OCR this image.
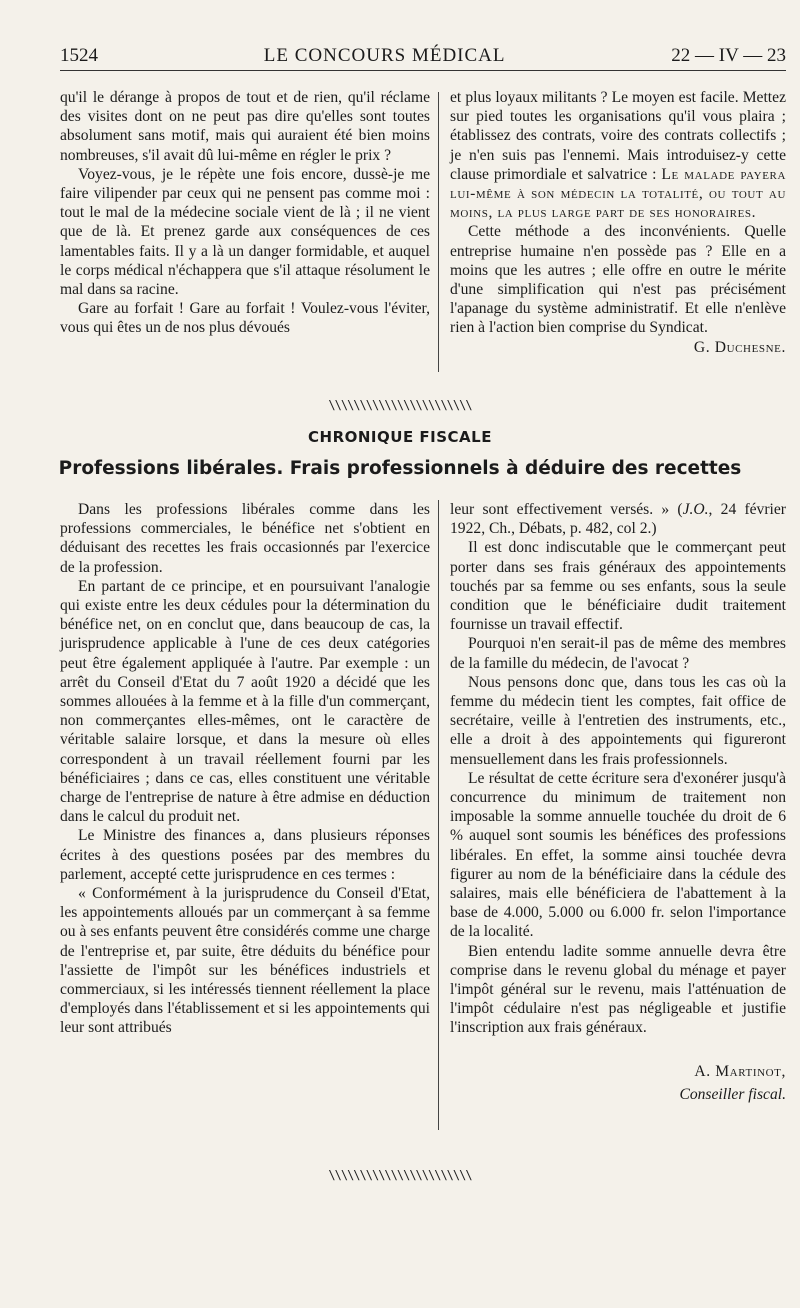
1524	LE CONCOURS MÉDICAL	22 — IV — 23

qu'il le dérange à propos de tout et de rien, qu'il réclame des visites dont on ne peut pas dire qu'elles sont toutes absolument sans motif, mais qui auraient été bien moins nombreuses, s'il avait dû lui-même en régler le prix ?

Voyez-vous, je le répète une fois encore, dussè-je me faire vilipender par ceux qui ne pensent pas comme moi : tout le mal de la médecine sociale vient de là ; il ne vient que de là. Et prenez garde aux conséquences de ces lamentables faits. Il y a là un danger formidable, et auquel le corps médical n'échappera que s'il attaque résolument le mal dans sa racine.

Gare au forfait ! Gare au forfait ! Voulez-vous l'éviter, vous qui êtes un de nos plus dévoués

et plus loyaux militants ? Le moyen est facile. Mettez sur pied toutes les organisations qu'il vous plaira ; établissez des contrats, voire des contrats collectifs ; je n'en suis pas l'ennemi. Mais introduisez-y cette clause primordiale et salvatrice : Le malade payera lui-même à son médecin la totalité, ou tout au moins, la plus large part de ses honoraires.

Cette méthode a des inconvénients. Quelle entreprise humaine n'en possède pas ? Elle en a moins que les autres ; elle offre en outre le mérite d'une simplification qui n'est pas précisément l'apanage du système administratif. Et elle n'enlève rien à l'action bien comprise du Syndicat.

G. Duchesne.

\\\\\\\\\\\\\\\\\\\\\\\
CHRONIQUE FISCALE
Professions libérales. Frais professionnels à déduire des recettes

Dans les professions libérales comme dans les professions commerciales, le bénéfice net s'obtient en déduisant des recettes les frais occasionnés par l'exercice de la profession.

En partant de ce principe, et en poursuivant l'analogie qui existe entre les deux cédules pour la détermination du bénéfice net, on en conclut que, dans beaucoup de cas, la jurisprudence applicable à l'une de ces deux catégories peut être également appliquée à l'autre. Par exemple : un arrêt du Conseil d'Etat du 7 août 1920 a décidé que les sommes allouées à la femme et à la fille d'un commerçant, non commerçantes elles-mêmes, ont le caractère de véritable salaire lorsque, et dans la mesure où elles correspondent à un travail réellement fourni par les bénéficiaires ; dans ce cas, elles constituent une véritable charge de l'entreprise de nature à être admise en déduction dans le calcul du produit net.

Le Ministre des finances a, dans plusieurs réponses écrites à des questions posées par des membres du parlement, accepté cette jurisprudence en ces termes :

« Conformément à la jurisprudence du Conseil d'Etat, les appointements alloués par un commerçant à sa femme ou à ses enfants peuvent être considérés comme une charge de l'entreprise et, par suite, être déduits du bénéfice pour l'assiette de l'impôt sur les bénéfices industriels et commerciaux, si les intéressés tiennent réellement la place d'employés dans l'établissement et si les appointements qui leur sont attribués

leur sont effectivement versés. » (J.O., 24 février 1922, Ch., Débats, p. 482, col 2.)

Il est donc indiscutable que le commerçant peut porter dans ses frais généraux des appointements touchés par sa femme ou ses enfants, sous la seule condition que le bénéficiaire dudit traitement fournisse un travail effectif.

Pourquoi n'en serait-il pas de même des membres de la famille du médecin, de l'avocat ?

Nous pensons donc que, dans tous les cas où la femme du médecin tient les comptes, fait office de secrétaire, veille à l'entretien des instruments, etc., elle a droit à des appointements qui figureront mensuellement dans les frais professionnels.

Le résultat de cette écriture sera d'exonérer jusqu'à concurrence du minimum de traitement non imposable la somme annuelle touchée du droit de 6 % auquel sont soumis les bénéfices des professions libérales. En effet, la somme ainsi touchée devra figurer au nom de la bénéficiaire dans la cédule des salaires, mais elle bénéficiera de l'abattement à la base de 4.000, 5.000 ou 6.000 fr. selon l'importance de la localité.

Bien entendu ladite somme annuelle devra être comprise dans le revenu global du ménage et payer l'impôt général sur le revenu, mais l'atténuation de l'impôt cédulaire n'est pas négligeable et justifie l'inscription aux frais généraux.

A. Martinot,
Conseiller fiscal.
\\\\\\\\\\\\\\\\\\\\\\\
